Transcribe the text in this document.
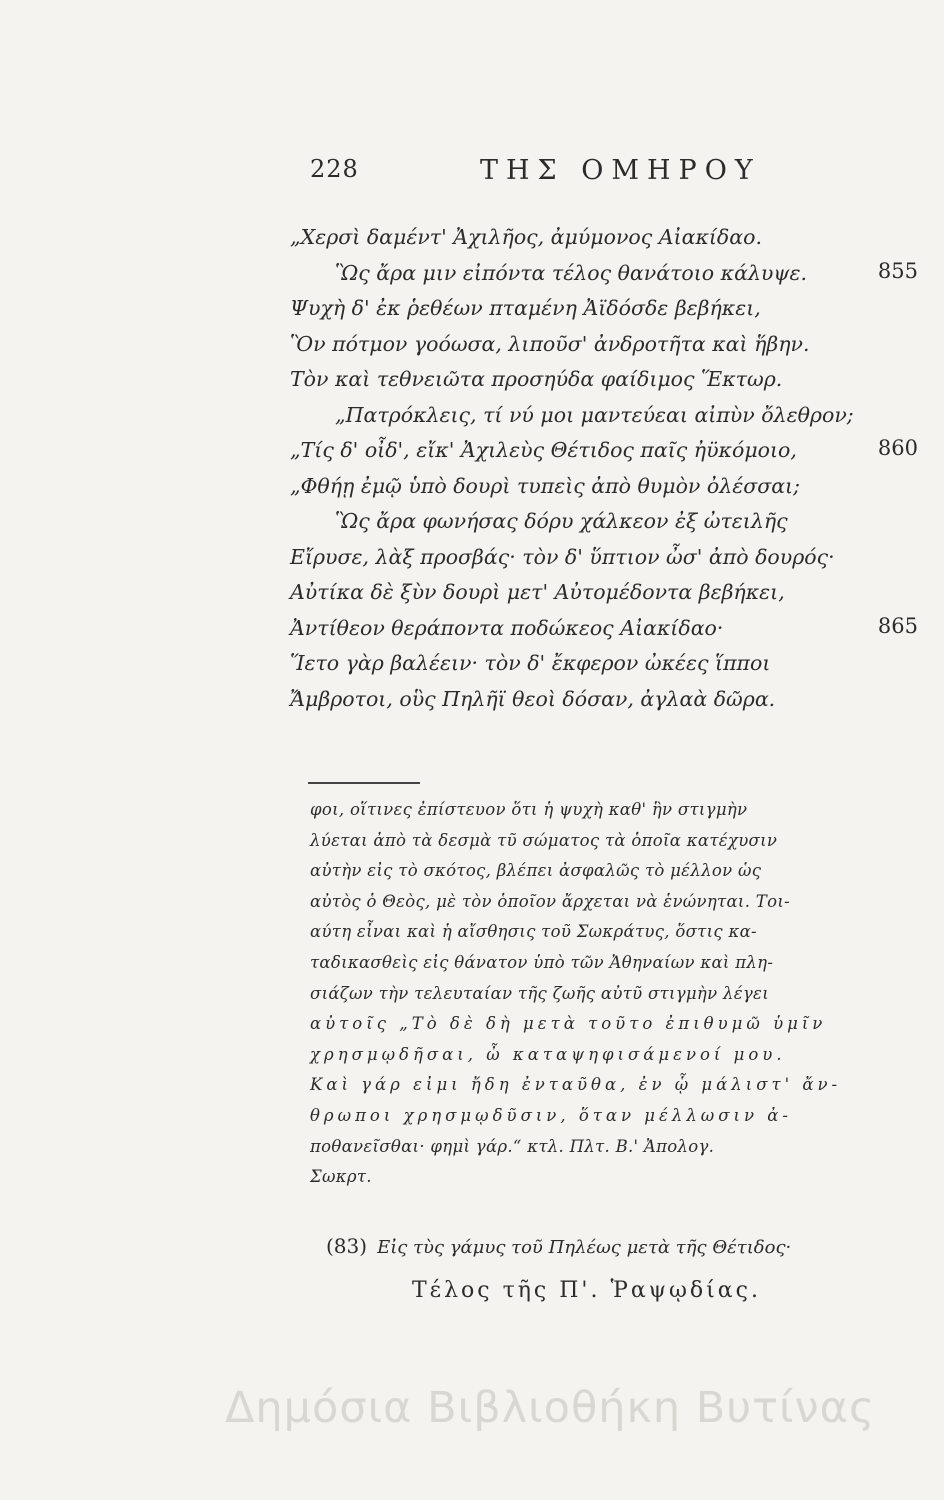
228	ΤΗΣ ΟΜΗΡΟΥ
„Χερσὶ δαμέντ' Ἀχιλῆος, ἀμύμονος Αἰακίδαο.
Ὣς ἄρα μιν εἰπόντα τέλος θανάτοιο κάλυψε.	855
Ψυχὴ δ' ἐκ ῥεθέων πταμένη Ἀϊδόσδε βεβήκει,
Ὃν πότμον γοόωσα, λιποῦσ' ἀνδροτῆτα καὶ ἥβην.
Τὸν καὶ τεθνειῶτα προσηύδα φαίδιμος Ἕκτωρ.
„Πατρόκλεις, τί νύ μοι μαντεύεαι αἰπὺν ὄλεθρον;
„Τίς δ' οἶδ', εἴκ' Ἀχιλεὺς Θέτιδος παῖς ἠϋκόμοιο,	860
„Φθήῃ ἐμῷ ὑπὸ δουρὶ τυπεὶς ἀπὸ θυμὸν ὀλέσσαι;
Ὣς ἄρα φωνήσας δόρυ χάλκεον ἐξ ὠτειλῆς
Εἴρυσε, λὰξ προσβάς· τὸν δ' ὕπτιον ὦσ' ἀπὸ δουρός·
Αὐτίκα δὲ ξὺν δουρὶ μετ' Αὐτομέδοντα βεβήκει,
Ἀντίθεον θεράποντα ποδώκεος Αἰακίδαο·	865
Ἵετο γὰρ βαλέειν· τὸν δ' ἔκφερον ὠκέες ἵπποι
Ἄμβροτοι, οὓς Πηλῆϊ θεοὶ δόσαν, ἀγλαὰ δῶρα.
φοι, οἵτινες ἐπίστευον ὅτι ἡ ψυχὴ καθ' ἣν στιγμὴν
λύεται ἀπὸ τὰ δεσμὰ τῦ σώματος τὰ ὁποῖα κατέχυσιν
αὐτὴν εἰς τὸ σκότος, βλέπει ἀσφαλῶς τὸ μέλλον ὡς
αὐτὸς ὁ Θεὸς, μὲ τὸν ὁποῖον ἄρχεται νὰ ἑνώνηται. Τοι-
αύτη εἶναι καὶ ἡ αἴσθησις τοῦ Σωκράτυς, ὅστις κα-
ταδικασθεὶς εἰς θάνατον ὑπὸ τῶν Ἀθηναίων καὶ πλη-
σιάζων τὴν τελευταίαν τῆς ζωῆς αὐτῦ στιγμὴν λέγει
αὐτοῖς „Τὸ δὲ δὴ μετὰ τοῦτο ἐπιθυμῶ ὑμῖν
χρησμῳδῆσαι, ὦ καταψηφισάμενοί μου.
Καὶ γάρ εἰμι ἤδη ἐνταῦθα, ἐν ᾧ μάλιστ' ἄν-
θρωποι χρησμῳδῦσιν, ὅταν μέλλωσιν ἀ-
ποθανεῖσθαι· φημὶ γάρ.“ κτλ. Πλτ. Β.' Ἀπολογ.
Σωκρτ.
(83) Εἰς τὺς γάμυς τοῦ Πηλέως μετὰ τῆς Θέτιδος·
Τέλος τῆς Π'. Ῥαψῳδίας.
Δημόσια Βιβλιοθήκη Βυτίνας
